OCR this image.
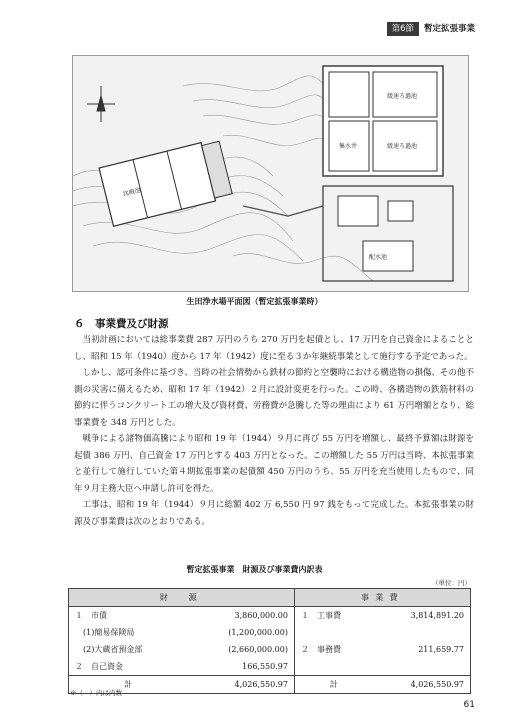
第6節	暫定拡張事業
沈殿池
緩速ろ過池
緩速ろ過池
集水井
配水池
生田浄水場平面図（暫定拡張事業時）
６　事業費及び財源

当初計画においては総事業費 287 万円のうち 270 万円を起債とし、17 万円を自己資金によることとし、昭和 15 年（1940）度から 17 年（1942）度に至る３か年継続事業として施行する予定であった。

しかし、認可条件に基づき、当時の社会情勢から鉄材の節約と空襲時における構造物の損傷、その他不測の災害に備えるため、昭和 17 年（1942）２月に設計変更を行った。この時、各構造物の鉄筋材料の節約に伴うコンクリート工の増大及び資材費、労務費が急騰した等の理由により 61 万円増額となり、総事業費を 348 万円とした。

戦争による諸物価高騰により昭和 19 年（1944）９月に再び 55 万円を増額し、最終予算額は財源を起債 386 万円、自己資金 17 万円とする 403 万円となった。この増額した 55 万円は当時、本拡張事業と並行して施行していた第４期拡張事業の起債額 450 万円のうち、55 万円を充当使用したもので、同年９月主務大臣へ申請し許可を得た。

工事は、昭和 19 年（1944）９月に総額 402 万 6,550 円 97 銭をもって完成した。本拡張事業の財源及び事業費は次のとおりである。

暫定拡張事業　財源及び事業費内訳表
（単位：円）
財　源		事業費	
１　市債	3,860,000.00	１　工事費	3,814,891.20
　(1)簡易保険局	(1,200,000.00)		
　(2)大蔵省預金部	(2,660,000.00)	２　事務費	211,659.77
２　自己資金	166,550.97		
計	4,026,550.97	計	4,026,550.97
※（　）内は内数
61
